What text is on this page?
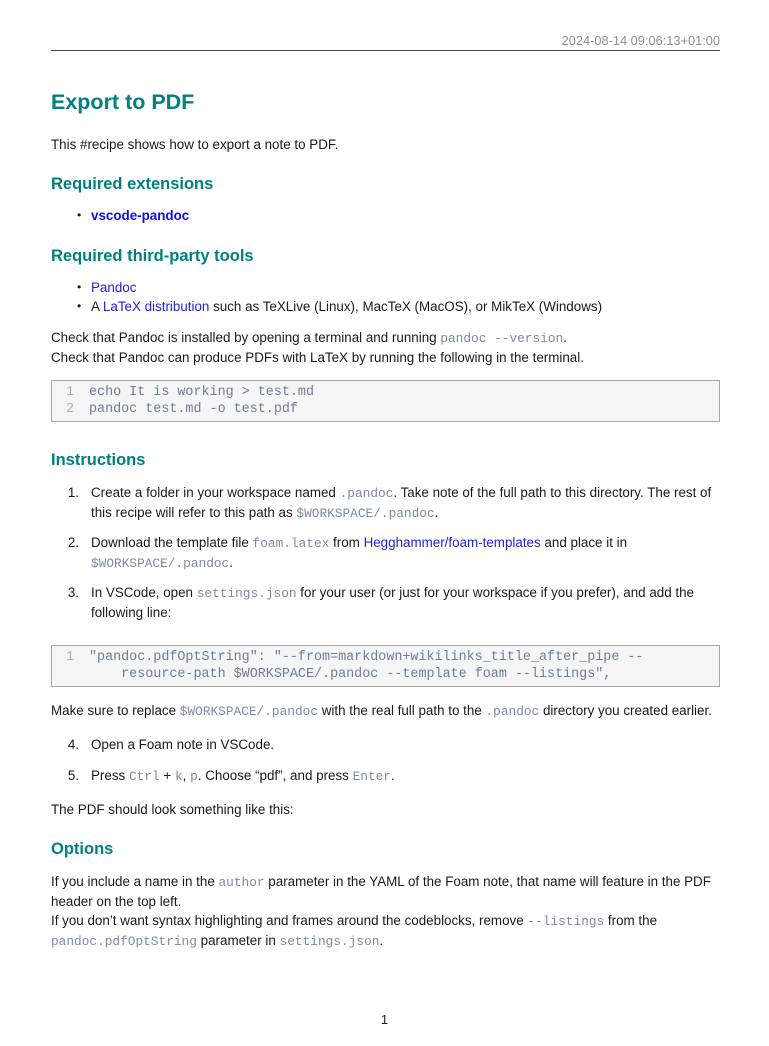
2024-08-14 09:06:13+01:00
Export to PDF
This #recipe shows how to export a note to PDF.
Required extensions
• vscode-pandoc
Required third-party tools
• Pandoc
• A LaTeX distribution such as TeXLive (Linux), MacTeX (MacOS), or MikTeX (Windows)
Check that Pandoc is installed by opening a terminal and running pandoc --version.
Check that Pandoc can produce PDFs with LaTeX by running the following in the terminal.
1 echo It is working > test.md
2 pandoc test.md -o test.pdf
Instructions
1. Create a folder in your workspace named .pandoc. Take note of the full path to this directory. The rest of this recipe will refer to this path as $WORKSPACE/.pandoc.
2. Download the template file foam.latex from Hegghammer/foam-templates and place it in $WORKSPACE/.pandoc.
3. In VSCode, open settings.json for your user (or just for your workspace if you prefer), and add the following line:
1 "pandoc.pdfOptString": "--from=markdown+wikilinks_title_after_pipe --
resource-path $WORKSPACE/.pandoc --template foam --listings",
Make sure to replace $WORKSPACE/.pandoc with the real full path to the .pandoc directory you created earlier.
4. Open a Foam note in VSCode.
5. Press Ctrl + k, p. Choose “pdf”, and press Enter.
The PDF should look something like this:
Options
If you include a name in the author parameter in the YAML of the Foam note, that name will feature in the PDF header on the top left.
If you don’t want syntax highlighting and frames around the codeblocks, remove --listings from the pandoc.pdfOptString parameter in settings.json.
1
